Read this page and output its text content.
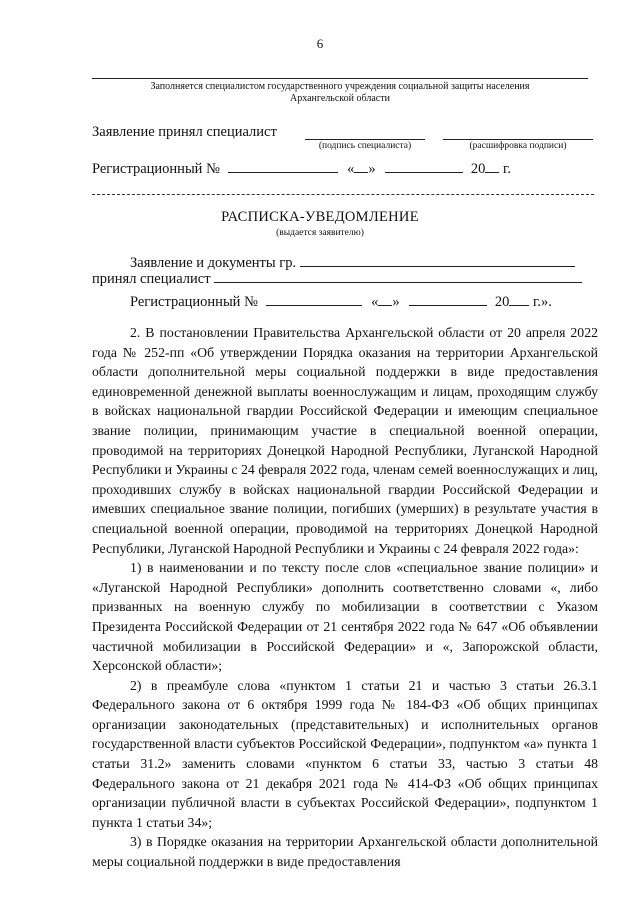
6
Заполняется специалистом государственного учреждения социальной защиты населения
Архангельской области
Заявление принял специалист
(подпись специалиста)	(расшифровка подписи)
Регистрационный №	« »	20 г.
РАСПИСКА-УВЕДОМЛЕНИЕ
(выдается заявителю)
Заявление и документы гр.
принял специалист
Регистрационный №	« »	20 г.».

2. В постановлении Правительства Архангельской области от 20 апреля 2022 года № 252-пп «Об утверждении Порядка оказания на территории Архангельской области дополнительной меры социальной поддержки в виде предоставления единовременной денежной выплаты военнослужащим и лицам, проходящим службу в войсках национальной гвардии Российской Федерации и имеющим специальное звание полиции, принимающим участие в специальной военной операции, проводимой на территориях Донецкой Народной Республики, Луганской Народной Республики и Украины с 24 февраля 2022 года, членам семей военнослужащих и лиц, проходивших службу в войсках национальной гвардии Российской Федерации и имевших специальное звание полиции, погибших (умерших) в результате участия в специальной военной операции, проводимой на территориях Донецкой Народной Республики, Луганской Народной Республики и Украины с 24 февраля 2022 года»:

1) в наименовании и по тексту после слов «специальное звание полиции» и «Луганской Народной Республики» дополнить соответственно словами «, либо призванных на военную службу по мобилизации в соответствии с Указом Президента Российской Федерации от 21 сентября 2022 года № 647 «Об объявлении частичной мобилизации в Российской Федерации» и «, Запорожской области, Херсонской области»;

2) в преамбуле слова «пунктом 1 статьи 21 и частью 3 статьи 26.3.1 Федерального закона от 6 октября 1999 года № 184-ФЗ «Об общих принципах организации законодательных (представительных) и исполнительных органов государственной власти субъектов Российской Федерации», подпунктом «а» пункта 1 статьи 31.2» заменить словами «пунктом 6 статьи 33, частью 3 статьи 48 Федерального закона от 21 декабря 2021 года № 414-ФЗ «Об общих принципах организации публичной власти в субъектах Российской Федерации», подпунктом 1 пункта 1 статьи 34»;

3) в Порядке оказания на территории Архангельской области дополнительной меры социальной поддержки в виде предоставления
